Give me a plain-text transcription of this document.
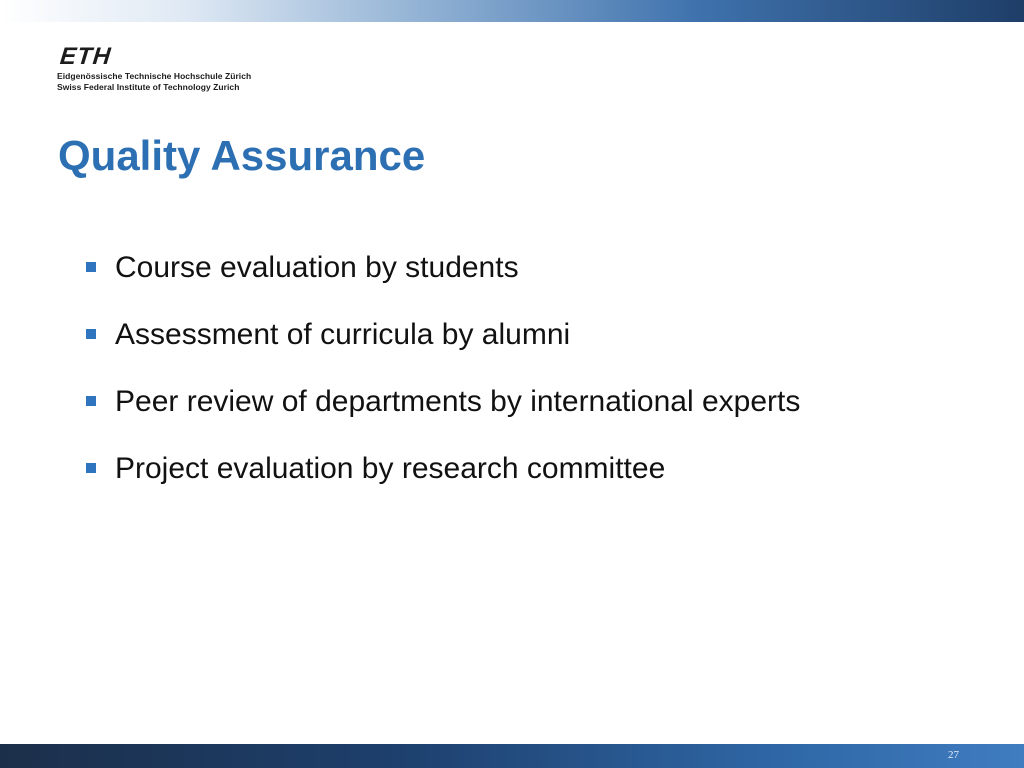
ETH
Eidgenössische Technische Hochschule Zürich
Swiss Federal Institute of Technology Zurich
Quality Assurance
Course evaluation by students
Assessment of curricula by alumni
Peer review of departments by international experts
Project evaluation by research committee
27
